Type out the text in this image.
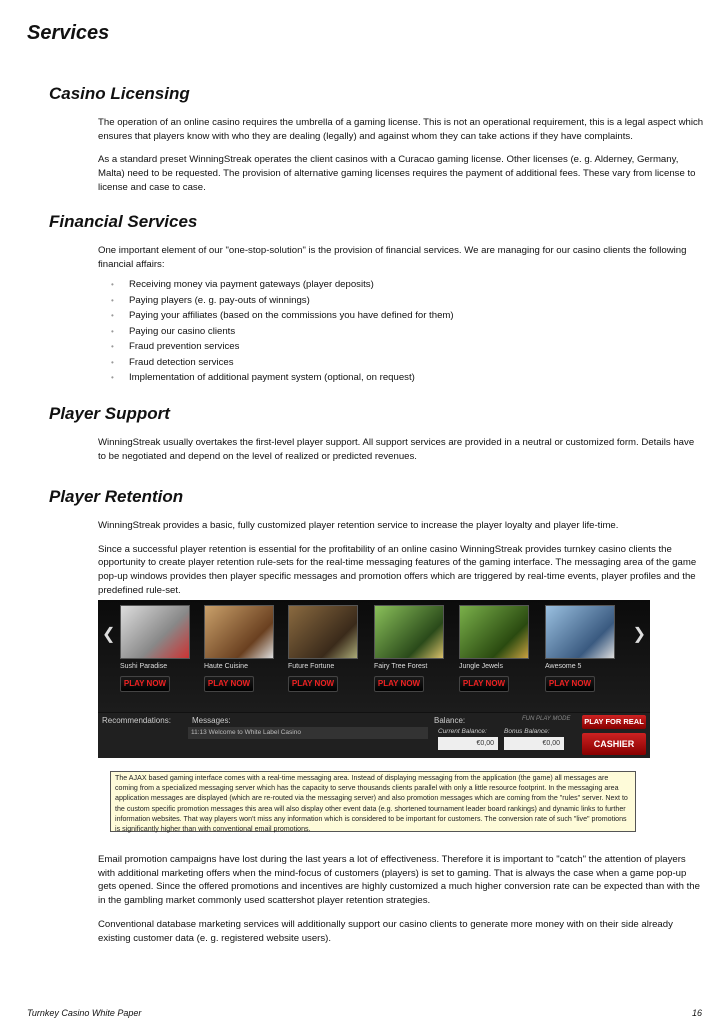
Services
Casino Licensing

The operation of an online casino requires the umbrella of a gaming license. This is not an operational requirement, this is a legal aspect which ensures that players know with who they are dealing (legally) and against whom they can take actions if they have complaints.

As a standard preset WinningStreak operates the client casinos with a Curacao gaming license. Other licenses (e. g. Alderney, Germany, Malta) need to be requested. The provision of alternative gaming licenses requires the payment of additional fees. These vary from license to license and case to case.

Financial Services

One important element of our "one-stop-solution" is the provision of financial services. We are managing for our casino clients the following financial affairs:

• Receiving money via payment gateways (player deposits)
• Paying players (e. g. pay-outs of winnings)
• Paying your affiliates (based on the commissions you have defined for them)
• Paying our casino clients
• Fraud prevention services
• Fraud detection services
• Implementation of additional payment system (optional, on request)
Player Support

WinningStreak usually overtakes the first-level player support. All support services are provided in a neutral or customized form. Details have to be negotiated and depend on the level of realized or predicted revenues.

Player Retention

WinningStreak provides a basic, fully customized player retention service to increase the player loyalty and player life-time.

Since a successful player retention is essential for the profitability of an online casino WinningStreak provides turnkey casino clients the opportunity to create player retention rule-sets for the real-time messaging features of the gaming interface. The messaging area of the game pop-up windows provides then player specific messages and promotion offers which are triggered by real-time events, player profiles and the predefined rule-set.

❮	❯
Sushi Paradise	Haute Cuisine	Future Fortune	Fairy Tree Forest	Jungle Jewels	Awesome 5
PLAY NOW	PLAY NOW	PLAY NOW	PLAY NOW	PLAY NOW	PLAY NOW
Recommendations:	Messages:
11:13 Welcome to White Label Casino
Balance:	FUN PLAY MODE
Current Balance:	Bonus Balance:
€0,00	€0,00
PLAY FOR REAL
CASHIER
The AJAX based gaming interface comes with a real-time messaging area. Instead of displaying messaging from the application (the game) all messages are coming from a specialized messaging server which has the capacity to serve thousands clients parallel with only a little resource footprint. In the messaging area application messages are displayed (which are re-routed via the messaging server) and also promotion messages which are coming from the "rules" server. Next to the custom specific promotion messages this area will also display other event data (e.g. shortened tournament leader board rankings) and dynamic links to further information websites. That way players won't miss any information which is considered to be important for customers. The conversion rate of such "live" promotions is significantly higher than with conventional email promotions.

Email promotion campaigns have lost during the last years a lot of effectiveness. Therefore it is important to "catch" the attention of players with additional marketing offers when the mind-focus of customers (players) is set to gaming. That is always the case when a game pop-up gets opened. Since the offered promotions and incentives are highly customized a much higher conversion rate can be expected than with the in the gambling market commonly used scattershot player retention strategies.

Conventional database marketing services will additionally support our casino clients to generate more money with on their side already existing customer data (e. g. registered website users).

Turnkey Casino White Paper	16
